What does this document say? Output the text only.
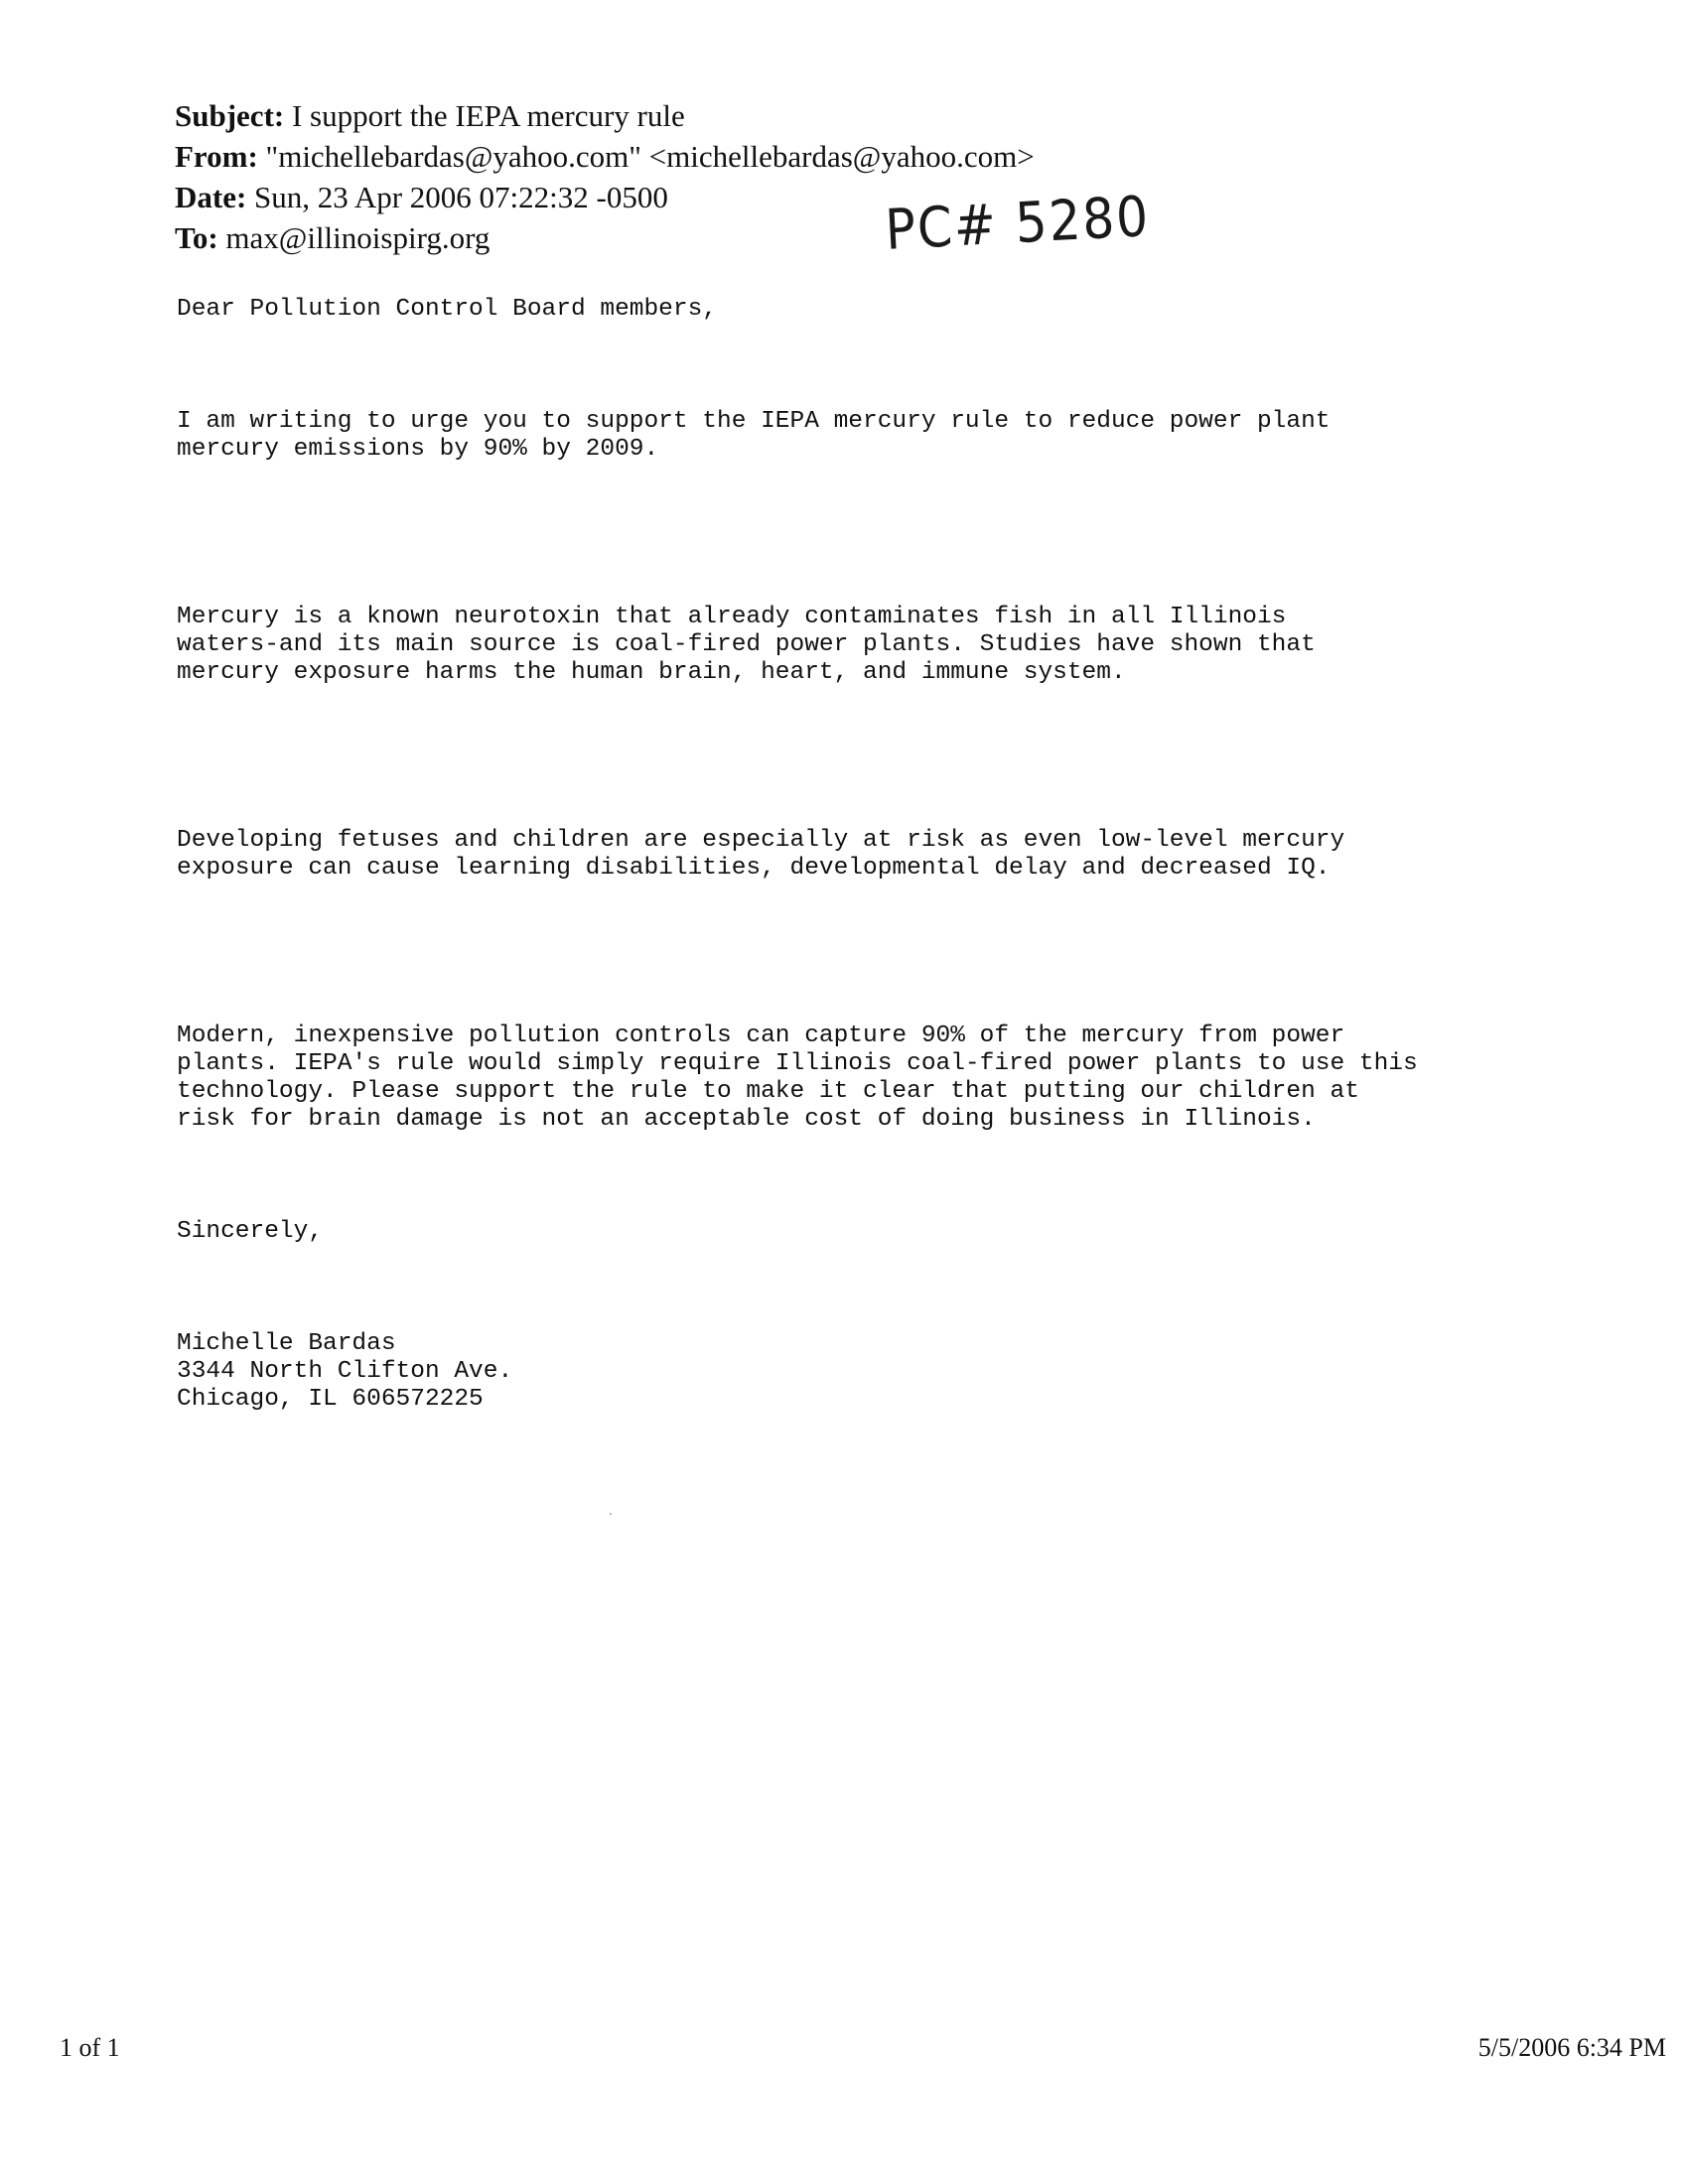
Subject: I support the IEPA mercury rule
From: "michellebardas@yahoo.com" <michellebardas@yahoo.com>
Date: Sun, 23 Apr 2006 07:22:32 -0500
To: max@illinoispirg.org	PC# 5280

Dear Pollution Control Board members,

I am writing to urge you to support the IEPA mercury rule to reduce power plant
mercury emissions by 90% by 2009.

Mercury is a known neurotoxin that already contaminates fish in all Illinois
waters-and its main source is coal-fired power plants. Studies have shown that
mercury exposure harms the human brain, heart, and immune system.

Developing fetuses and children are especially at risk as even low-level mercury
exposure can cause learning disabilities, developmental delay and decreased IQ.

Modern, inexpensive pollution controls can capture 90% of the mercury from power
plants. IEPA's rule would simply require Illinois coal-fired power plants to use this
technology. Please support the rule to make it clear that putting our children at
risk for brain damage is not an acceptable cost of doing business in Illinois.

Sincerely,

Michelle Bardas
3344 North Clifton Ave.
Chicago, IL 606572225

1 of 1	5/5/2006 6:34 PM
